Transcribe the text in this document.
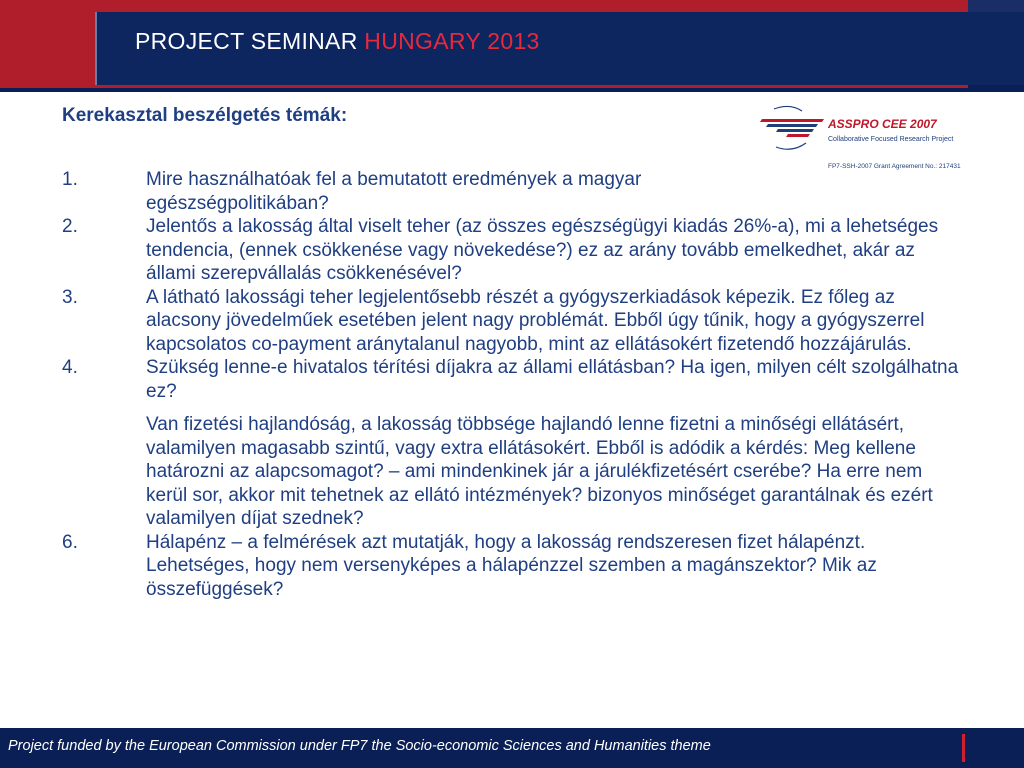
PROJECT SEMINAR HUNGARY 2013
ASSPRO CEE 2007
Collaborative Focused Research Project
FP7-SSH-2007 Grant Agreement No.: 217431
Kerekasztal beszélgetés témák:
1.	Mire használhatóak fel a bemutatott eredmények a magyar egészségpolitikában?
2.	Jelentős a lakosság által viselt teher (az összes egészségügyi kiadás 26%-a), mi a lehetséges tendencia, (ennek csökkenése vagy növekedése?) ez az arány tovább emelkedhet, akár az állami szerepvállalás csökkenésével?
3.	A látható lakossági teher legjelentősebb részét a gyógyszerkiadások képezik. Ez főleg az alacsony jövedelműek esetében jelent nagy problémát. Ebből úgy tűnik, hogy a gyógyszerrel kapcsolatos co-payment aránytalanul nagyobb, mint az ellátásokért fizetendő hozzájárulás.
4.	Szükség lenne-e hivatalos térítési díjakra az állami ellátásban? Ha igen, milyen célt szolgálhatna ez?
Van fizetési hajlandóság, a lakosság többsége hajlandó lenne fizetni a minőségi ellátásért, valamilyen magasabb szintű, vagy extra ellátásokért. Ebből is adódik a kérdés: Meg kellene határozni az alapcsomagot? – ami mindenkinek jár a járulékfizetésért cserébe? Ha erre nem kerül sor, akkor mit tehetnek az ellátó intézmények? bizonyos minőséget garantálnak és ezért valamilyen díjat szednek?
6.	Hálapénz – a felmérések azt mutatják, hogy a lakosság rendszeresen fizet hálapénzt. Lehetséges, hogy nem versenyképes a hálapénzzel szemben a magánszektor? Mik az összefüggések?
Project funded by the European Commission under FP7 the Socio-economic Sciences and Humanities theme
